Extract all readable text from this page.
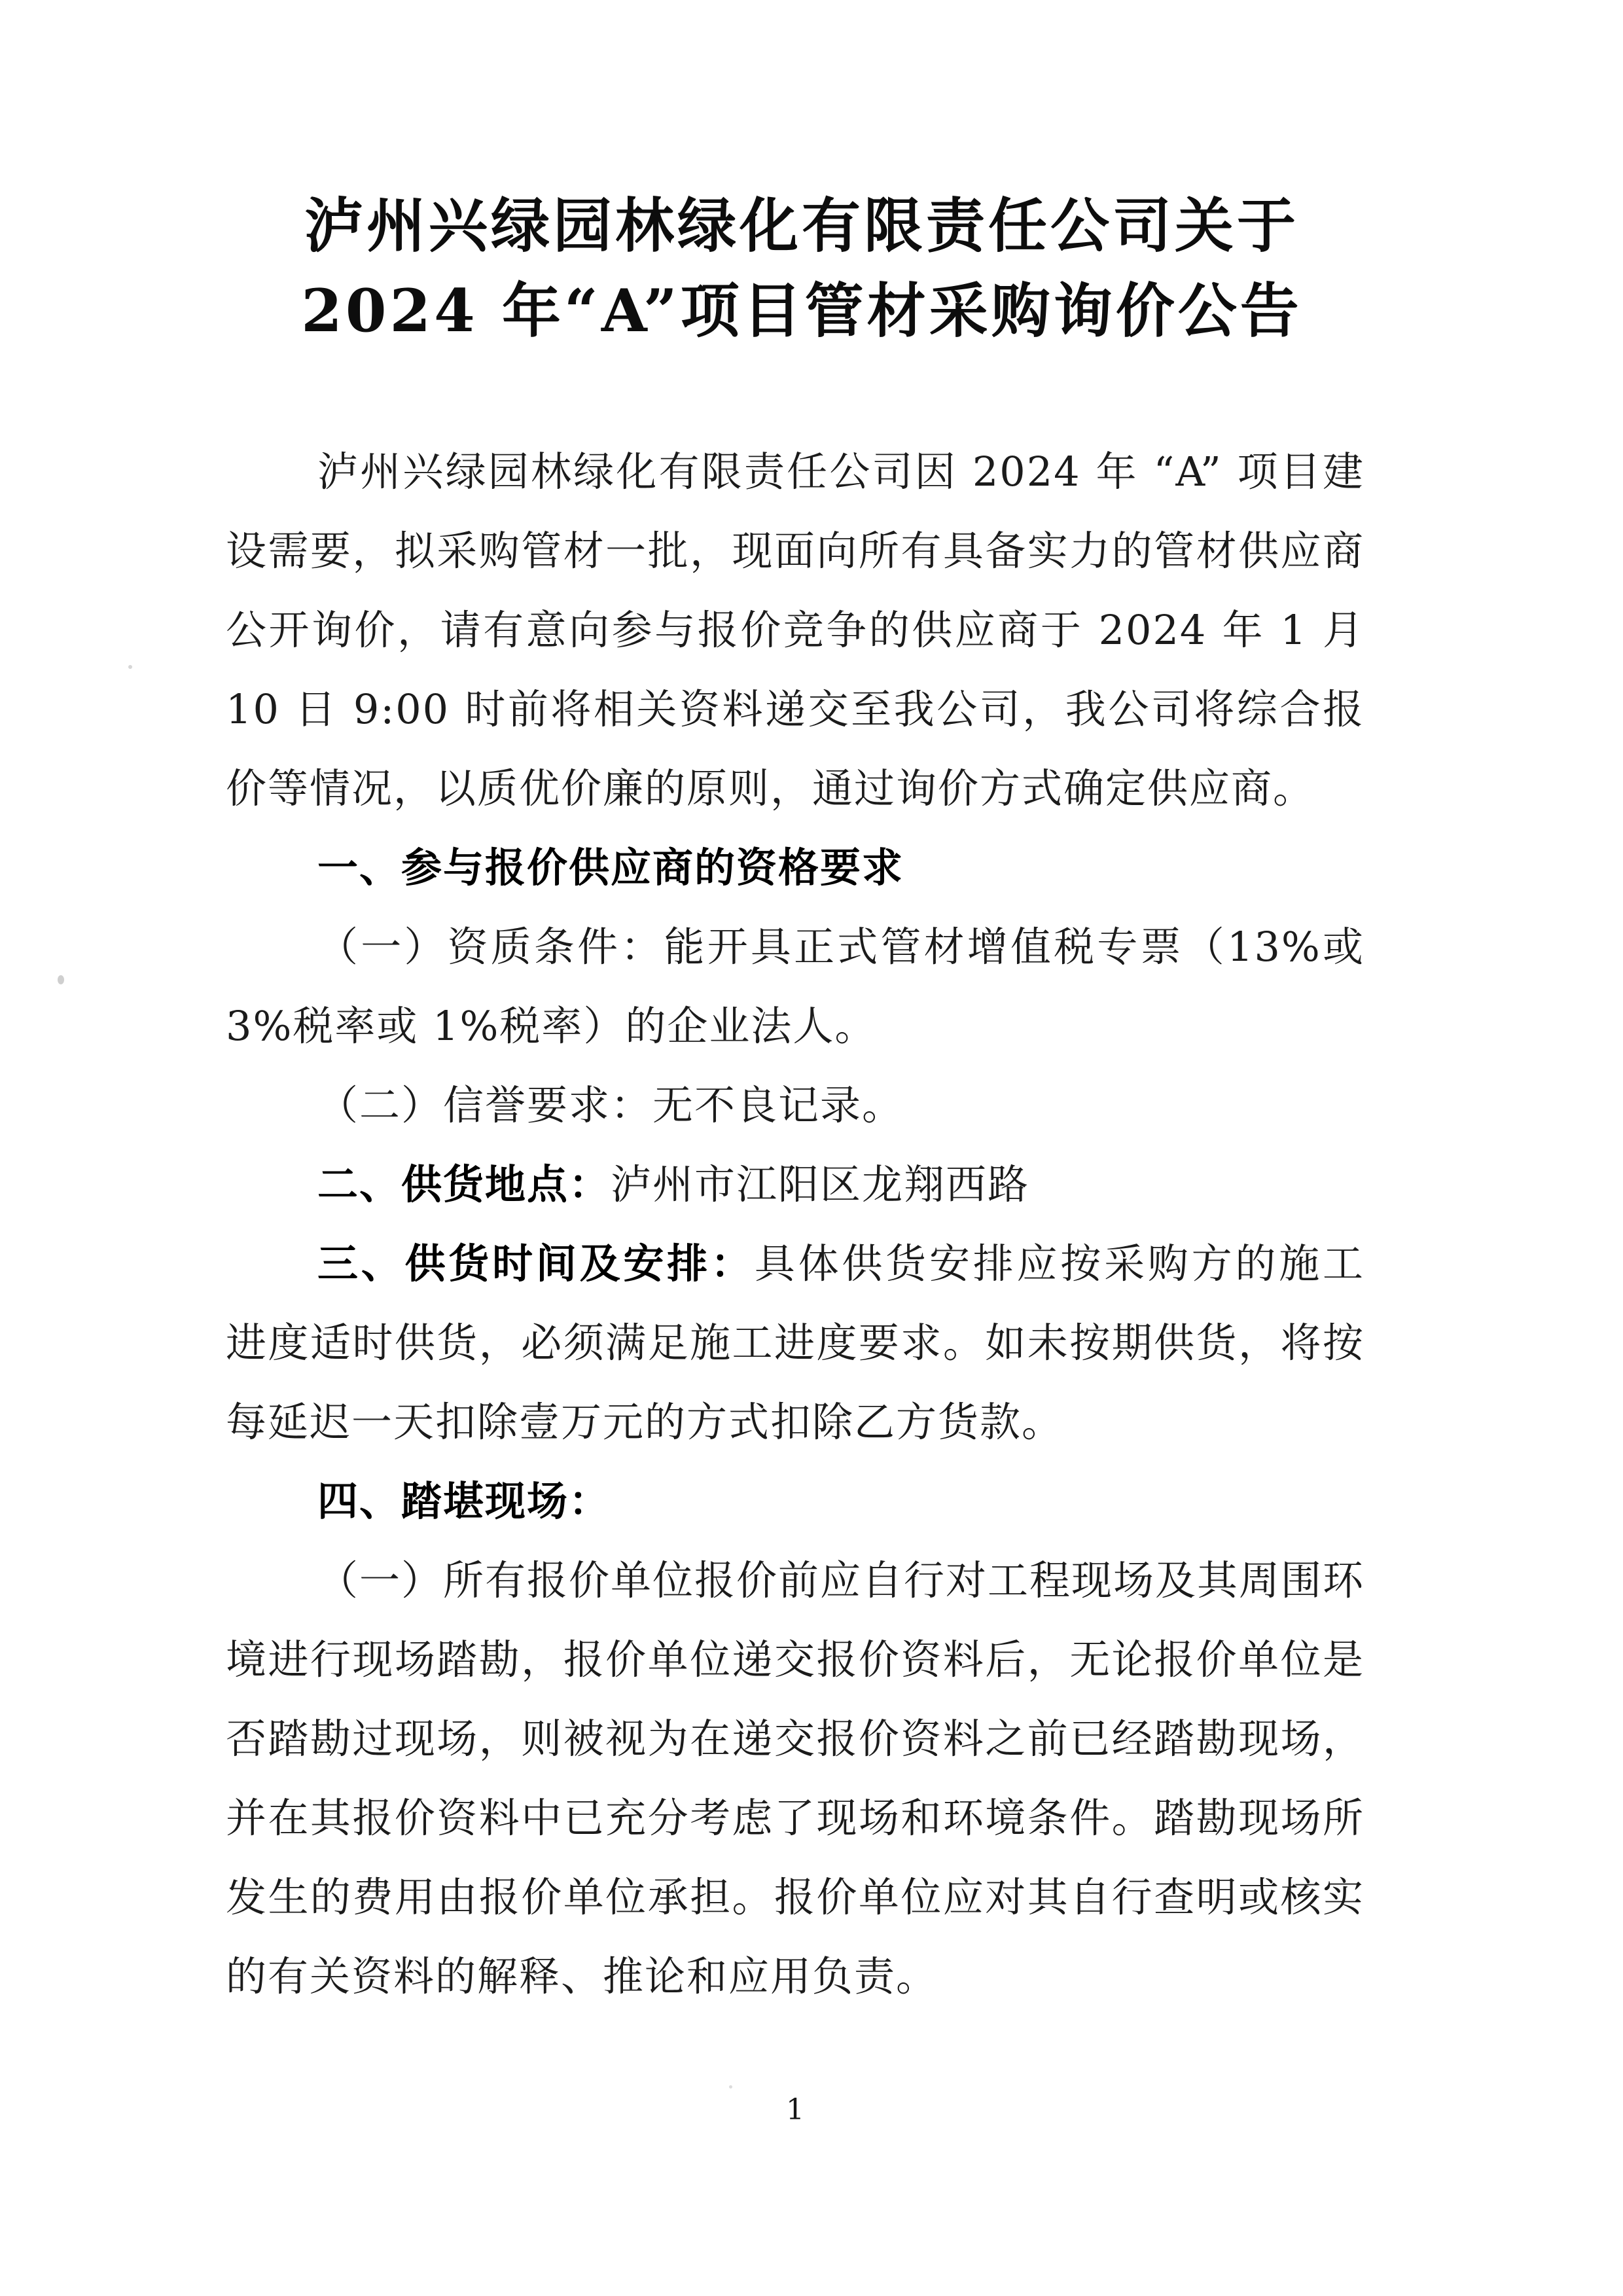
泸州兴绿园林绿化有限责任公司关于
2024 年“A”项目管材采购询价公告

泸州兴绿园林绿化有限责任公司因 2024 年 “A” 项目建设需要，拟采购管材一批，现面向所有具备实力的管材供应商公开询价，请有意向参与报价竞争的供应商于 2024 年 1 月 10 日 9:00 时前将相关资料递交至我公司，我公司将综合报价等情况，以质优价廉的原则，通过询价方式确定供应商。

一、参与报价供应商的资格要求

（一）资质条件：能开具正式管材增值税专票（13%或 3%税率或 1%税率）的企业法人。

（二）信誉要求：无不良记录。

二、供货地点：泸州市江阳区龙翔西路

三、供货时间及安排：具体供货安排应按采购方的施工进度适时供货，必须满足施工进度要求。如未按期供货，将按每延迟一天扣除壹万元的方式扣除乙方货款。

四、踏堪现场：

（一）所有报价单位报价前应自行对工程现场及其周围环境进行现场踏勘，报价单位递交报价资料后，无论报价单位是否踏勘过现场，则被视为在递交报价资料之前已经踏勘现场，并在其报价资料中已充分考虑了现场和环境条件。踏勘现场所发生的费用由报价单位承担。报价单位应对其自行查明或核实的有关资料的解释、推论和应用负责。

1
